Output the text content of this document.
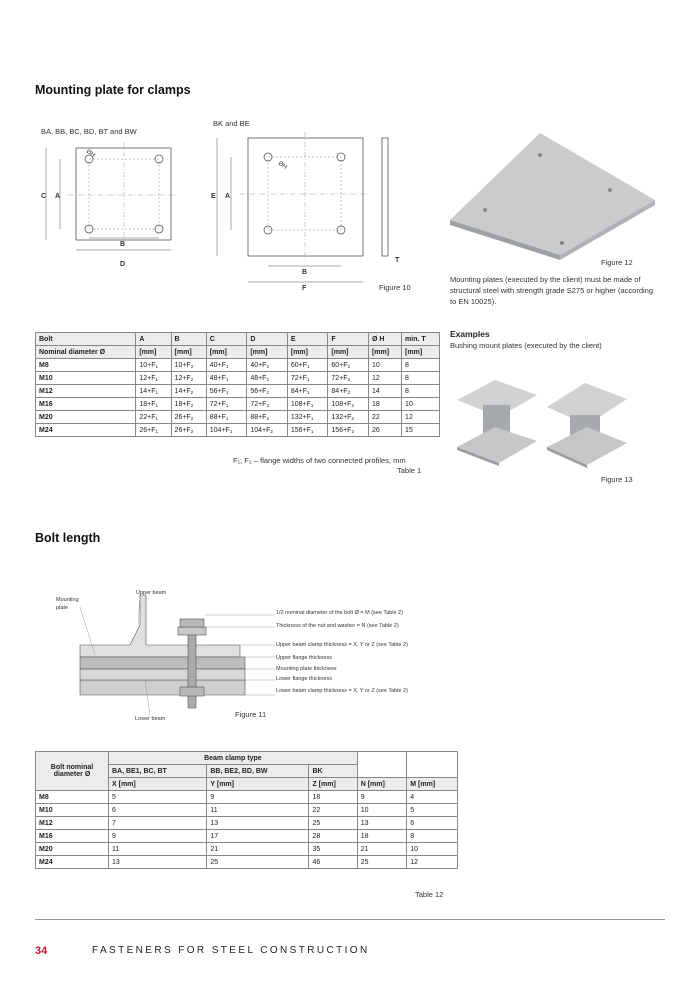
Mounting plate for clamps
BA, BB, BC, BD, BT and BW
BK and BE
C A
D
B
ØH
E A
B
F
T
ØH
Figure 10
Figure 12
Mounting plates (executed by the client) must be made of structural steel with strength grade S275 or higher (according to EN 10025).
Bolt	A	B	C	D	E	F	Ø H	min. T
Nominal diameter Ø	[mm]	[mm]	[mm]	[mm]	[mm]	[mm]	[mm]	[mm]
M8	$10+F_1$	$10+F_2$	$40+F_1$	$40+F_2$	$60+F_1$	$60+F_2$	10	8
M10	$12+F_1$	$12+F_2$	$48+F_1$	$48+F_2$	$72+F_1$	$72+F_2$	12	8
M12	$14+F_1$	$14+F_2$	$56+F_1$	$56+F_2$	$84+F_1$	$84+F_2$	14	8
M16	$18+F_1$	$18+F_2$	$72+F_1$	$72+F_2$	$108+F_1$	$108+F_2$	18	10
M20	$22+F_1$	$26+F_2$	$88+F_1$	$88+F_2$	$132+F_1$	$132+F_2$	22	12
M24	$26+F_1$	$26+F_2$	$104+F_1$	$104+F_2$	$156+F_1$	$156+F_2$	26	15
F₁; F₂ – flange widths of two connected profiles, mm
Table 1
Examples
Bushing mount plates (executed by the client)
Figure 13
Bolt length
Mounting plate
Upper beam
Lower beam
1/2 nominal diameter of the bolt Ø = M (see Table 2)
Thickness of the nut and washer = N (see Table 2)
Upper beam clamp thickness = X, Y or Z (see Table 2)
Upper flange thickness
Mounting plate thickness
Lower flange thickness
Lower beam clamp thickness = X, Y or Z (see Table 2)
Figure 11
Bolt nominal diameter Ø	Beam clamp type				
	BA, BE1, BC, BT	BB, BE2, BD, BW	BK		
	X [mm]	Y [mm]	Z [mm]	N [mm]	M [mm]
M8	5	9	18	9	4
M10	6	11	22	10	5
M12	7	13	25	13	6
M16	9	17	28	18	8
M20	11	21	35	21	10
M24	13	25	46	25	12
Table 12
34	FASTENERS FOR STEEL CONSTRUCTION
